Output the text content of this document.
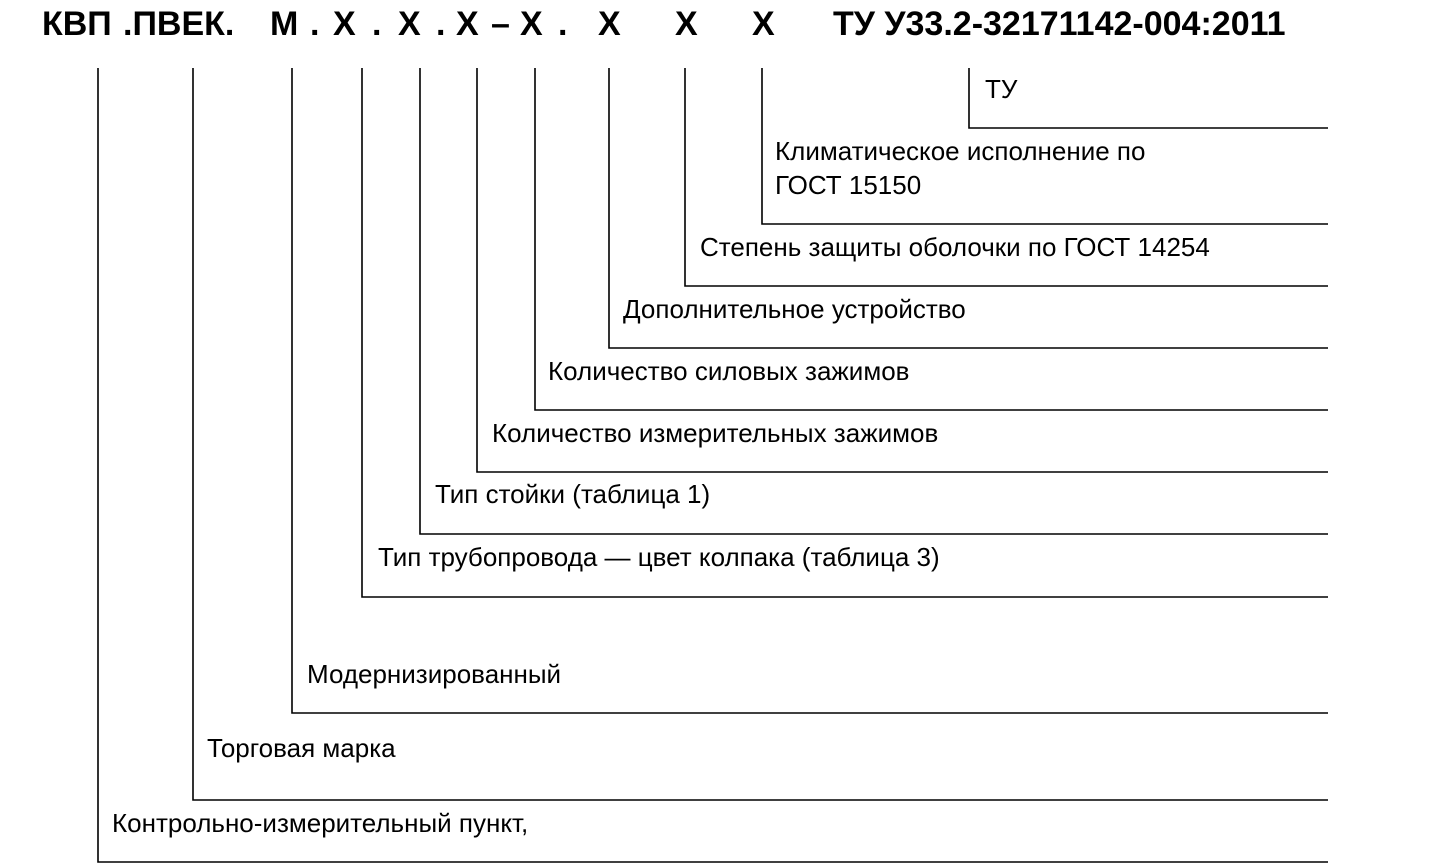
КВП .ПВЕК. М . Х . Х . Х – Х . Х Х Х ТУ У33.2-32171142-004:2011
ТУ
Климатическое исполнение по
ГОСТ 15150
Степень защиты оболочки по ГОСТ 14254
Дополнительное устройство
Количество силовых зажимов
Количество измерительных зажимов
Тип стойки (таблица 1)
Тип трубопровода — цвет колпака (таблица 3)
Модернизированный
Торговая марка
Контрольно-измерительный пункт,
